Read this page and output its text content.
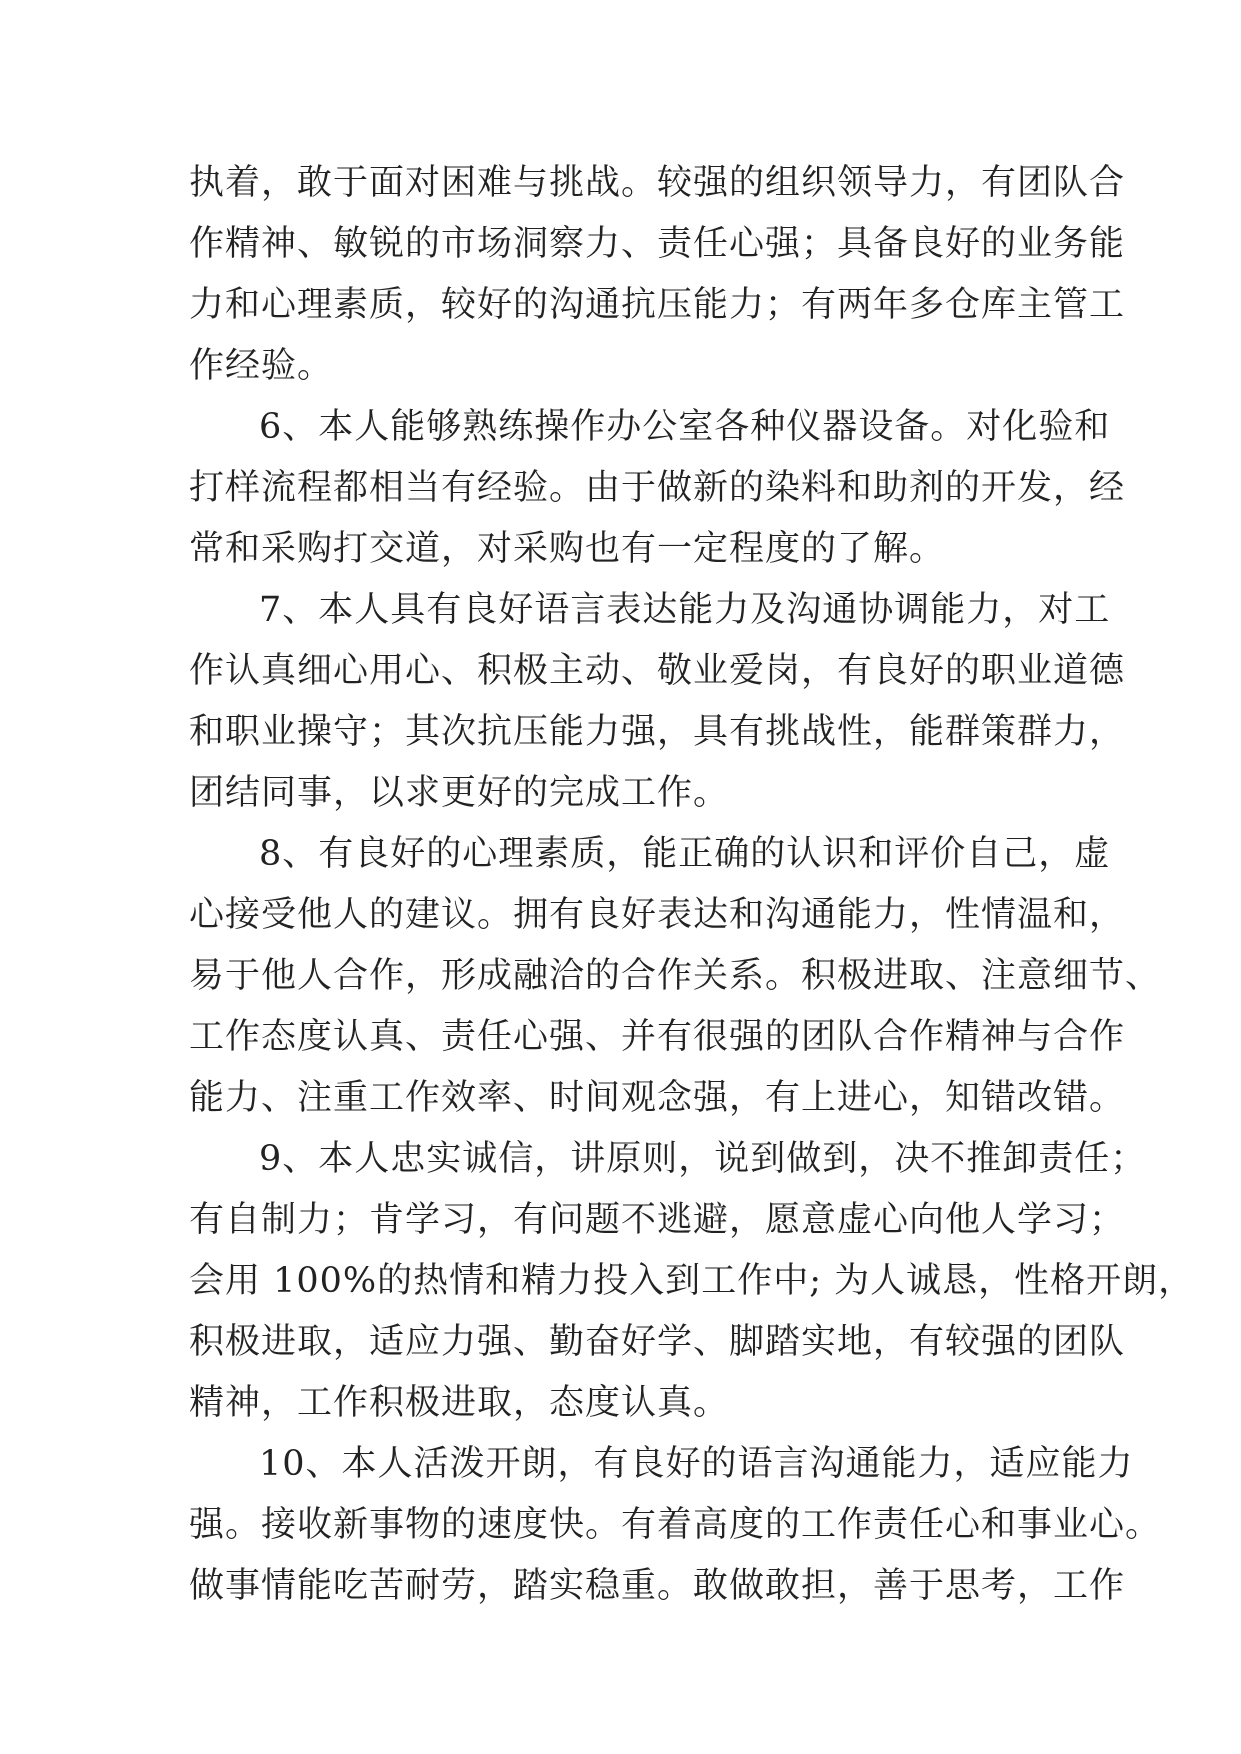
执着，敢于面对困难与挑战。较强的组织领导力，有团队合
作精神、敏锐的市场洞察力、责任心强；具备良好的业务能
力和心理素质，较好的沟通抗压能力；有两年多仓库主管工
作经验。
6、本人能够熟练操作办公室各种仪器设备。对化验和
打样流程都相当有经验。由于做新的染料和助剂的开发，经
常和采购打交道，对采购也有一定程度的了解。
7、本人具有良好语言表达能力及沟通协调能力，对工
作认真细心用心、积极主动、敬业爱岗，有良好的职业道德
和职业操守；其次抗压能力强，具有挑战性，能群策群力，
团结同事，以求更好的完成工作。
8、有良好的心理素质，能正确的认识和评价自己，虚
心接受他人的建议。拥有良好表达和沟通能力，性情温和，
易于他人合作，形成融洽的合作关系。积极进取、注意细节、
工作态度认真、责任心强、并有很强的团队合作精神与合作
能力、注重工作效率、时间观念强，有上进心，知错改错。
9、本人忠实诚信，讲原则，说到做到，决不推卸责任；
有自制力；肯学习，有问题不逃避，愿意虚心向他人学习；
会用 100%的热情和精力投入到工作中; 为人诚恳，性格开朗，
积极进取，适应力强、勤奋好学、脚踏实地，有较强的团队
精神，工作积极进取，态度认真。
10、本人活泼开朗，有良好的语言沟通能力，适应能力
强。接收新事物的速度快。有着高度的工作责任心和事业心。
做事情能吃苦耐劳，踏实稳重。敢做敢担，善于思考，工作
